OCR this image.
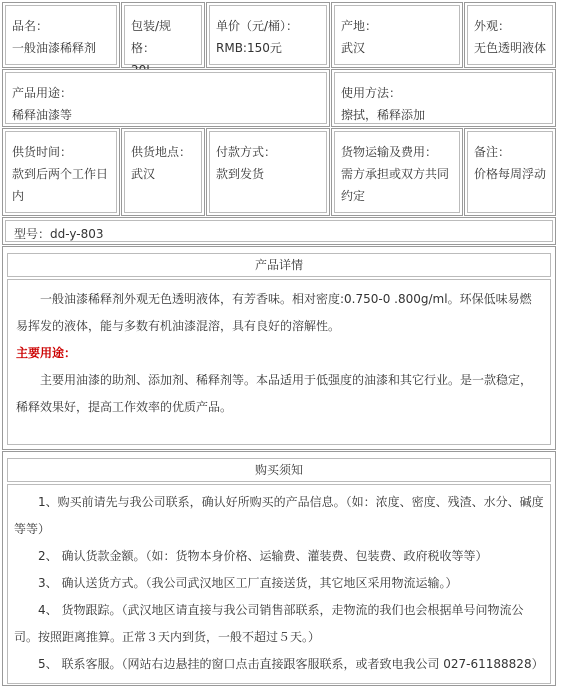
品名：
一般油漆稀释剂
包装/规格：
单价（元/桶）：
RMB:150元
产地：
武汉
外观：
无色透明液体
产品用途：
稀释油漆等
使用方法：
擦拭，稀释添加
供货时间：
款到后两个工作日内
供货地点：
武汉
付款方式：
款到发货
货物运输及费用：
需方承担或双方共同约定
备注：
价格每周浮动
型号：dd-y-803
产品详情
一般油漆稀释剂外观无色透明液体，有芳香味。相对密度:0.750-0 .800g/ml。环保低味易燃易挥发的液体，能与多数有机油漆混溶，具有良好的溶解性。
主要用途：
主要用油漆的助剂、添加剂、稀释剂等。本品适用于低强度的油漆和其它行业。是一款稳定，稀释效果好，提高工作效率的优质产品。
购买须知
1、购买前请先与我公司联系，确认好所购买的产品信息。（如：浓度、密度、残渣、水分、碱度等等）
2、 确认货款金额。（如：货物本身价格、运输费、灌装费、包装费、政府税收等等）
3、 确认送货方式。（我公司武汉地区工厂直接送货，其它地区采用物流运输。）
4、 货物跟踪。（武汉地区请直接与我公司销售部联系，走物流的我们也会根据单号问物流公司。按照距离推算。正常３天内到货，一般不超过５天。）
5、 联系客服。（网站右边悬挂的窗口点击直接跟客服联系，或者致电我公司 027-61188828）
